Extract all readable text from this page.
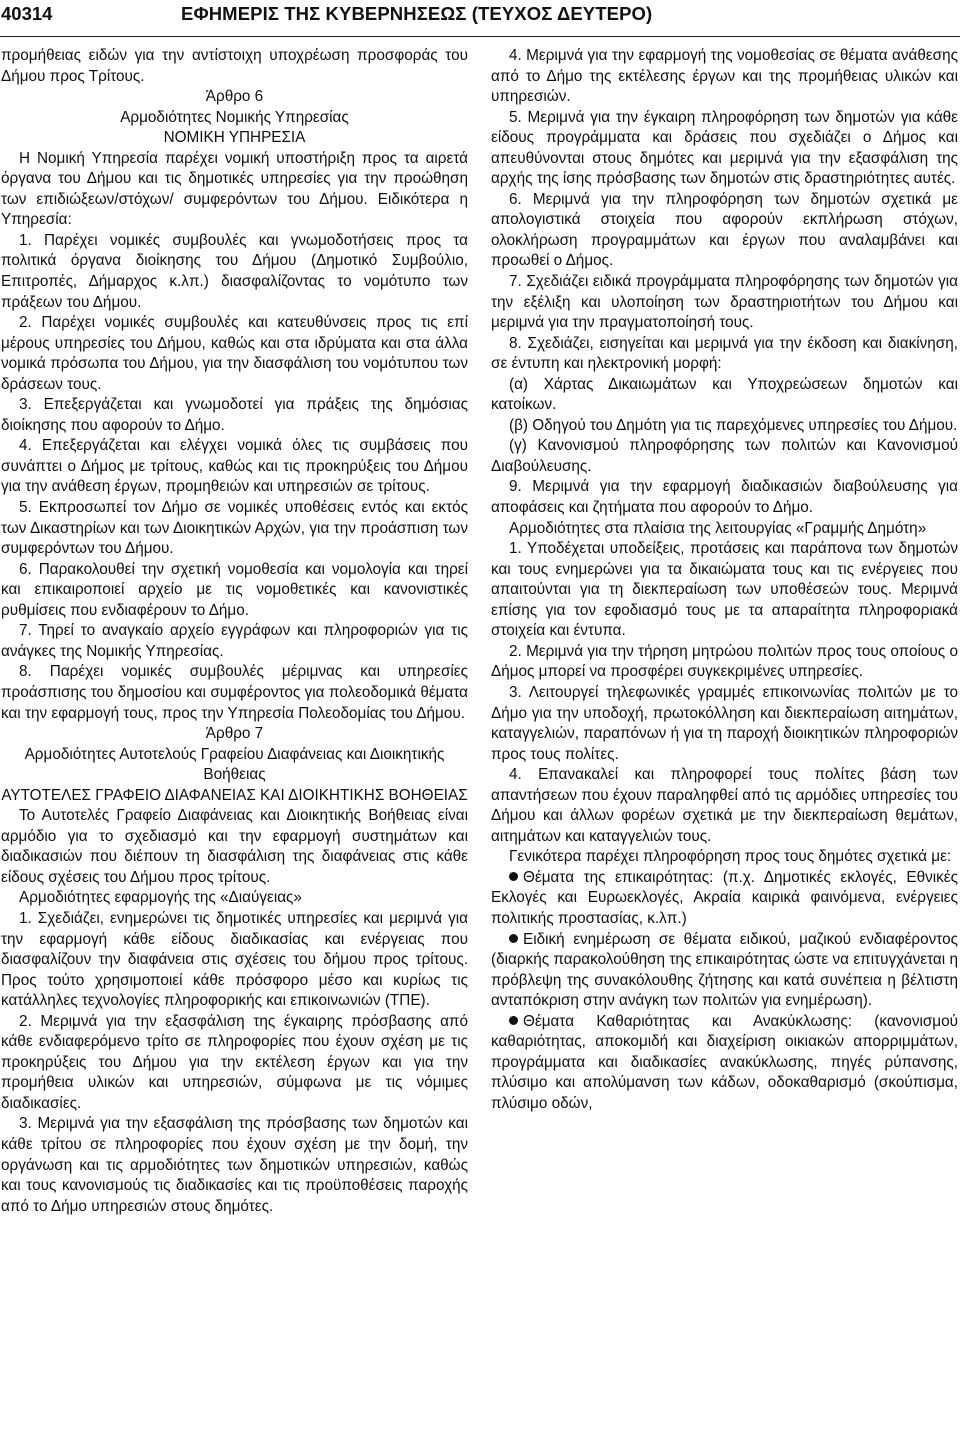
40314	ΕΦΗΜΕΡΙΣ ΤΗΣ ΚΥΒΕΡΝΗΣΕΩΣ (ΤΕΥΧΟΣ ΔΕΥΤΕΡΟ)

προμήθειας ειδών για την αντίστοιχη υποχρέωση προσφοράς του Δήμου προς Τρίτους.

Άρθρο 6

Αρμοδιότητες Νομικής Υπηρεσίας

ΝΟΜΙΚΗ ΥΠΗΡΕΣΙΑ

Η Νομική Υπηρεσία παρέχει νομική υποστήριξη προς τα αιρετά όργανα του Δήμου και τις δημοτικές υπηρεσίες για την προώθηση των επιδιώξεων/στόχων/ συμφερόντων του Δήμου. Ειδικότερα η Υπηρεσία:

1. Παρέχει νομικές συμβουλές και γνωμοδοτήσεις προς τα πολιτικά όργανα διοίκησης του Δήμου (Δημοτικό Συμβούλιο, Επιτροπές, Δήμαρχος κ.λπ.) διασφαλίζοντας το νομότυπο των πράξεων του Δήμου.

2. Παρέχει νομικές συμβουλές και κατευθύνσεις προς τις επί μέρους υπηρεσίες του Δήμου, καθώς και στα ιδρύματα και στα άλλα νομικά πρόσωπα του Δήμου, για την διασφάλιση του νομότυπου των δράσεων τους.

3. Επεξεργάζεται και γνωμοδοτεί για πράξεις της δημόσιας διοίκησης που αφορούν το Δήμο.

4. Επεξεργάζεται και ελέγχει νομικά όλες τις συμβάσεις που συνάπτει ο Δήμος με τρίτους, καθώς και τις προκηρύξεις του Δήμου για την ανάθεση έργων, προμηθειών και υπηρεσιών σε τρίτους.

5. Εκπροσωπεί τον Δήμο σε νομικές υποθέσεις εντός και εκτός των Δικαστηρίων και των Διοικητικών Αρχών, για την προάσπιση των συμφερόντων του Δήμου.

6. Παρακολουθεί την σχετική νομοθεσία και νομολογία και τηρεί και επικαιροποιεί αρχείο με τις νομοθετικές και κανονιστικές ρυθμίσεις που ενδιαφέρουν το Δήμο.

7. Τηρεί το αναγκαίο αρχείο εγγράφων και πληροφοριών για τις ανάγκες της Νομικής Υπηρεσίας.

8. Παρέχει νομικές συμβουλές μέριμνας και υπηρεσίες προάσπισης του δημοσίου και συμφέροντος για πολεοδομικά θέματα και την εφαρμογή τους, προς την Υπηρεσία Πολεοδομίας του Δήμου.

Άρθρο 7

Αρμοδιότητες Αυτοτελούς Γραφείου Διαφάνειας και Διοικητικής Βοήθειας

ΑΥΤΟΤΕΛΕΣ ΓΡΑΦΕΙΟ ΔΙΑΦΑΝΕΙΑΣ ΚΑΙ ΔΙΟΙΚΗΤΙΚΗΣ ΒΟΗΘΕΙΑΣ

Το Αυτοτελές Γραφείο Διαφάνειας και Διοικητικής Βοήθειας είναι αρμόδιο για το σχεδιασμό και την εφαρμογή συστημάτων και διαδικασιών που διέπουν τη διασφάλιση της διαφάνειας στις κάθε είδους σχέσεις του Δήμου προς τρίτους.

Αρμοδιότητες εφαρμογής της «Διαύγειας»

1. Σχεδιάζει, ενημερώνει τις δημοτικές υπηρεσίες και μεριμνά για την εφαρμογή κάθε είδους διαδικασίας και ενέργειας που διασφαλίζουν την διαφάνεια στις σχέσεις του δήμου προς τρίτους. Προς τούτο χρησιμοποιεί κάθε πρόσφορο μέσο και κυρίως τις κατάλληλες τεχνολογίες πληροφορικής και επικοινωνιών (ΤΠΕ).

2. Μεριμνά για την εξασφάλιση της έγκαιρης πρόσβασης από κάθε ενδιαφερόμενο τρίτο σε πληροφορίες που έχουν σχέση με τις προκηρύξεις του Δήμου για την εκτέλεση έργων και για την προμήθεια υλικών και υπηρεσιών, σύμφωνα με τις νόμιμες διαδικασίες.

3. Μεριμνά για την εξασφάλιση της πρόσβασης των δημοτών και κάθε τρίτου σε πληροφορίες που έχουν σχέση με την δομή, την οργάνωση και τις αρμοδιότητες των δημοτικών υπηρεσιών, καθώς και τους κανονισμούς τις διαδικασίες και τις προϋποθέσεις παροχής από το Δήμο υπηρεσιών στους δημότες.

4. Μεριμνά για την εφαρμογή της νομοθεσίας σε θέματα ανάθεσης από το Δήμο της εκτέλεσης έργων και της προμήθειας υλικών και υπηρεσιών.

5. Μεριμνά για την έγκαιρη πληροφόρηση των δημοτών για κάθε είδους προγράμματα και δράσεις που σχεδιάζει ο Δήμος και απευθύνονται στους δημότες και μεριμνά για την εξασφάλιση της αρχής της ίσης πρόσβασης των δημοτών στις δραστηριότητες αυτές.

6. Μεριμνά για την πληροφόρηση των δημοτών σχετικά με απολογιστικά στοιχεία που αφορούν εκπλήρωση στόχων, ολοκλήρωση προγραμμάτων και έργων που αναλαμβάνει και προωθεί ο Δήμος.

7. Σχεδιάζει ειδικά προγράμματα πληροφόρησης των δημοτών για την εξέλιξη και υλοποίηση των δραστηριοτήτων του Δήμου και μεριμνά για την πραγματοποίησή τους.

8. Σχεδιάζει, εισηγείται και μεριμνά για την έκδοση και διακίνηση, σε έντυπη και ηλεκτρονική μορφή:

(α) Χάρτας Δικαιωμάτων και Υποχρεώσεων δημοτών και κατοίκων.

(β) Οδηγού του Δημότη για τις παρεχόμενες υπηρεσίες του Δήμου.

(γ) Κανονισμού πληροφόρησης των πολιτών και Κανονισμού Διαβούλευσης.

9. Μεριμνά για την εφαρμογή διαδικασιών διαβούλευσης για αποφάσεις και ζητήματα που αφορούν το Δήμο.

Αρμοδιότητες στα πλαίσια της λειτουργίας «Γραμμής Δημότη»

1. Υποδέχεται υποδείξεις, προτάσεις και παράπονα των δημοτών και τους ενημερώνει για τα δικαιώματα τους και τις ενέργειες που απαιτούνται για τη διεκπεραίωση των υποθέσεών τους. Μεριμνά επίσης για τον εφοδιασμό τους με τα απαραίτητα πληροφοριακά στοιχεία και έντυπα.

2. Μεριμνά για την τήρηση μητρώου πολιτών προς τους οποίους ο Δήμος μπορεί να προσφέρει συγκεκριμένες υπηρεσίες.

3. Λειτουργεί τηλεφωνικές γραμμές επικοινωνίας πολιτών με το Δήμο για την υποδοχή, πρωτοκόλληση και διεκπεραίωση αιτημάτων, καταγγελιών, παραπόνων ή για τη παροχή διοικητικών πληροφοριών προς τους πολίτες.

4. Επανακαλεί και πληροφορεί τους πολίτες βάση των απαντήσεων που έχουν παραληφθεί από τις αρμόδιες υπηρεσίες του Δήμου και άλλων φορέων σχετικά με την διεκπεραίωση θεμάτων, αιτημάτων και καταγγελιών τους.

Γενικότερα παρέχει πληροφόρηση προς τους δημότες σχετικά με:

Θέματα της επικαιρότητας: (π.χ. Δημοτικές εκλογές, Εθνικές Εκλογές και Ευρωεκλογές, Ακραία καιρικά φαινόμενα, ενέργειες πολιτικής προστασίας, κ.λπ.)

Ειδική ενημέρωση σε θέματα ειδικού, μαζικού ενδιαφέροντος (διαρκής παρακολούθηση της επικαιρότητας ώστε να επιτυγχάνεται η πρόβλεψη της συνακόλουθης ζήτησης και κατά συνέπεια η βέλτιστη ανταπόκριση στην ανάγκη των πολιτών για ενημέρωση).

Θέματα Καθαριότητας και Ανακύκλωσης: (κανονισμού καθαριότητας, αποκομιδή και διαχείριση οικιακών απορριμμάτων, προγράμματα και διαδικασίες ανακύκλωσης, πηγές ρύπανσης, πλύσιμο και απολύμανση των κάδων, οδοκαθαρισμό (σκούπισμα, πλύσιμο οδών,
